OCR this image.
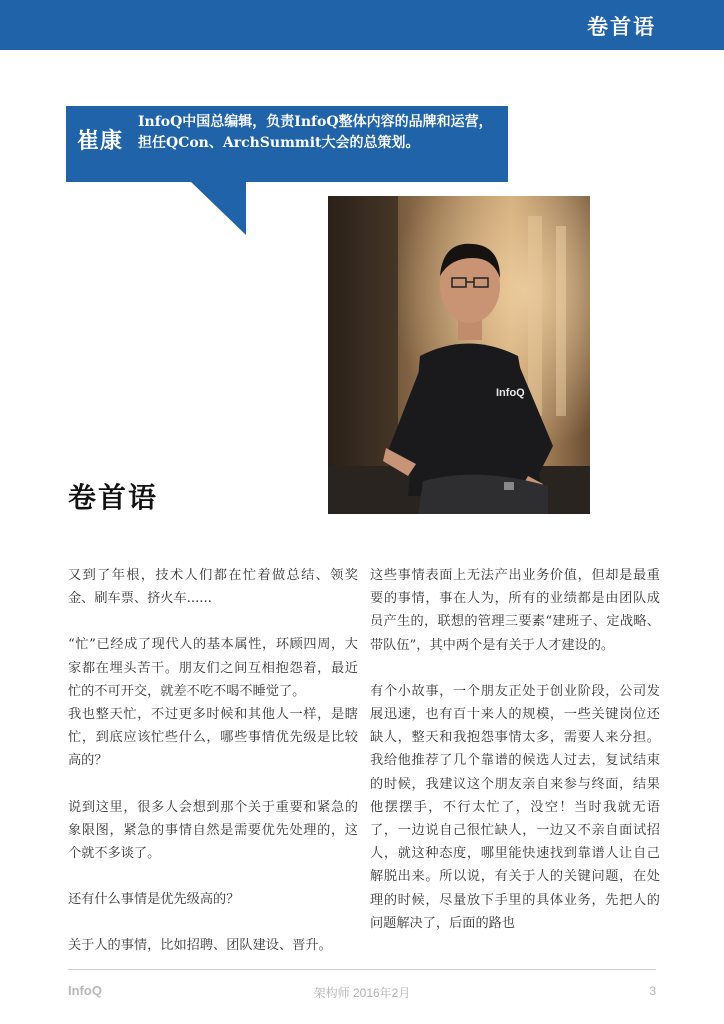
卷首语
崔康
InfoQ中国总编辑，负责InfoQ整体内容的品牌和运营，担任QCon、ArchSummit大会的总策划。
InfoQ
卷首语

又到了年根，技术人们都在忙着做总结、领奖金、刷车票、挤火车......

“忙”已经成了现代人的基本属性，环顾四周，大家都在埋头苦干。朋友们之间互相抱怨着，最近忙的不可开交，就差不吃不喝不睡觉了。

我也整天忙，不过更多时候和其他人一样，是瞎忙，到底应该忙些什么，哪些事情优先级是比较高的？

说到这里，很多人会想到那个关于重要和紧急的象限图，紧急的事情自然是需要优先处理的，这个就不多谈了。

还有什么事情是优先级高的？

关于人的事情，比如招聘、团队建设、晋升。

这些事情表面上无法产出业务价值，但却是最重要的事情，事在人为，所有的业绩都是由团队成员产生的，联想的管理三要素“建班子、定战略、带队伍”，其中两个是有关于人才建设的。

有个小故事，一个朋友正处于创业阶段，公司发展迅速，也有百十来人的规模，一些关键岗位还缺人，整天和我抱怨事情太多，需要人来分担。我给他推荐了几个靠谱的候选人过去，复试结束的时候，我建议这个朋友亲自来参与终面，结果他摆摆手，不行太忙了，没空！当时我就无语了，一边说自己很忙缺人，一边又不亲自面试招人，就这种态度，哪里能快速找到靠谱人让自己解脱出来。所以说，有关于人的关键问题，在处理的时候，尽量放下手里的具体业务，先把人的问题解决了，后面的路也

InfoQ	架构师 2016年2月	3
